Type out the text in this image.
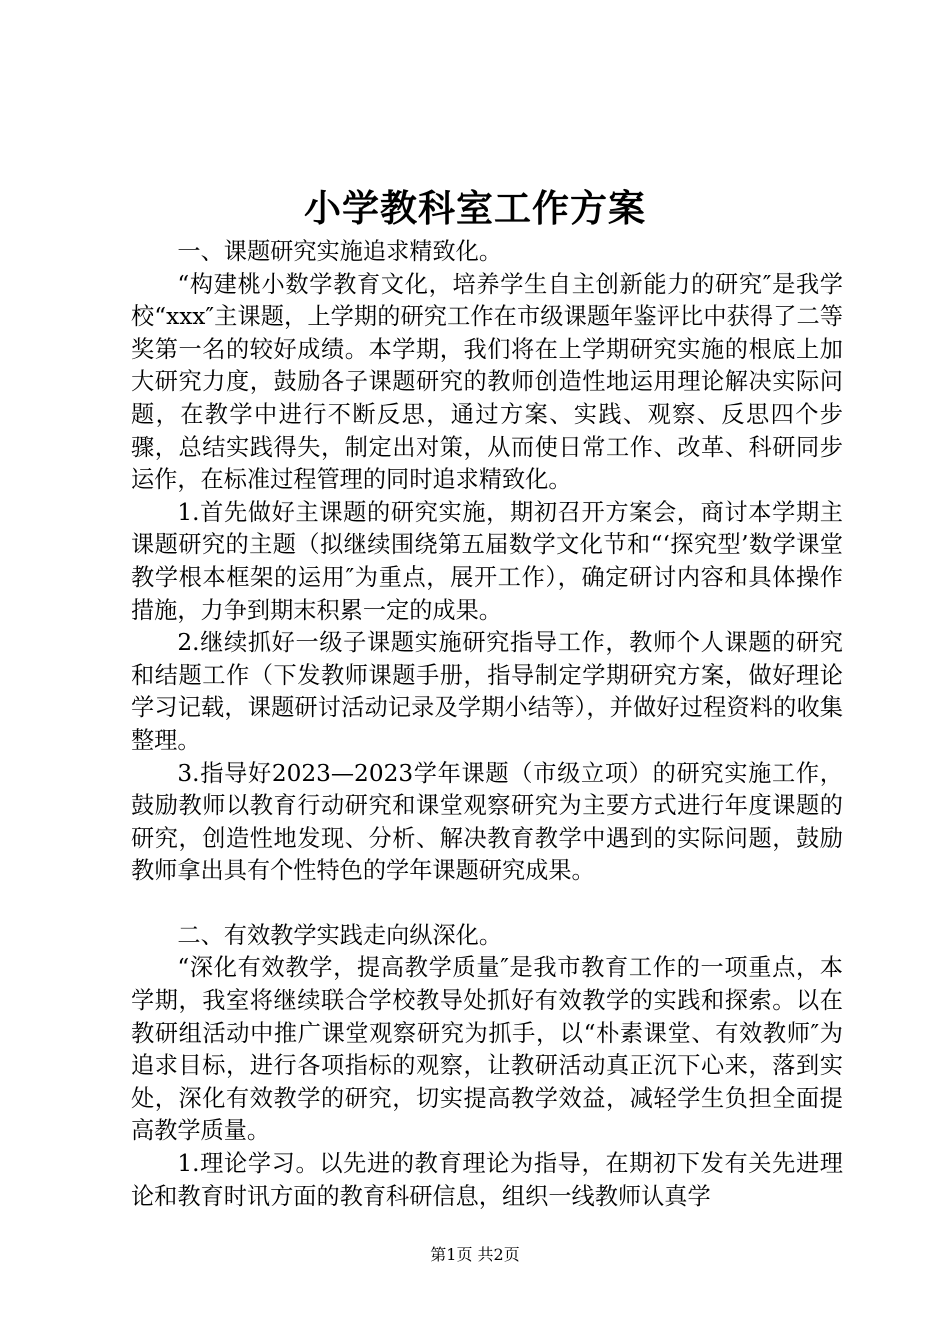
小学教科室工作方案

一、课题研究实施追求精致化。

“构建桃小数学教育文化，培养学生自主创新能力的研究″是我学校“xxx″主课题，上学期的研究工作在市级课题年鉴评比中获得了二等奖第一名的较好成绩。本学期，我们将在上学期研究实施的根底上加大研究力度，鼓励各子课题研究的教师创造性地运用理论解决实际问题，在教学中进行不断反思，通过方案、实践、观察、反思四个步骤，总结实践得失，制定出对策，从而使日常工作、改革、科研同步运作，在标准过程管理的同时追求精致化。

1.首先做好主课题的研究实施，期初召开方案会，商讨本学期主课题研究的主题（拟继续围绕第五届数学文化节和“‘探究型’数学课堂教学根本框架的运用″为重点，展开工作），确定研讨内容和具体操作措施，力争到期末积累一定的成果。

2.继续抓好一级子课题实施研究指导工作，教师个人课题的研究和结题工作（下发教师课题手册，指导制定学期研究方案，做好理论学习记载，课题研讨活动记录及学期小结等），并做好过程资料的收集整理。

3.指导好2023—2023学年课题（市级立项）的研究实施工作，鼓励教师以教育行动研究和课堂观察研究为主要方式进行年度课题的研究，创造性地发现、分析、解决教育教学中遇到的实际问题，鼓励教师拿出具有个性特色的学年课题研究成果。

二、有效教学实践走向纵深化。

“深化有效教学，提高教学质量″是我市教育工作的一项重点，本学期，我室将继续联合学校教导处抓好有效教学的实践和探索。以在教研组活动中推广课堂观察研究为抓手，以“朴素课堂、有效教师″为追求目标，进行各项指标的观察，让教研活动真正沉下心来，落到实处，深化有效教学的研究，切实提高教学效益，减轻学生负担全面提高教学质量。

1.理论学习。以先进的教育理论为指导，在期初下发有关先进理论和教育时讯方面的教育科研信息，组织一线教师认真学

第1页 共2页
